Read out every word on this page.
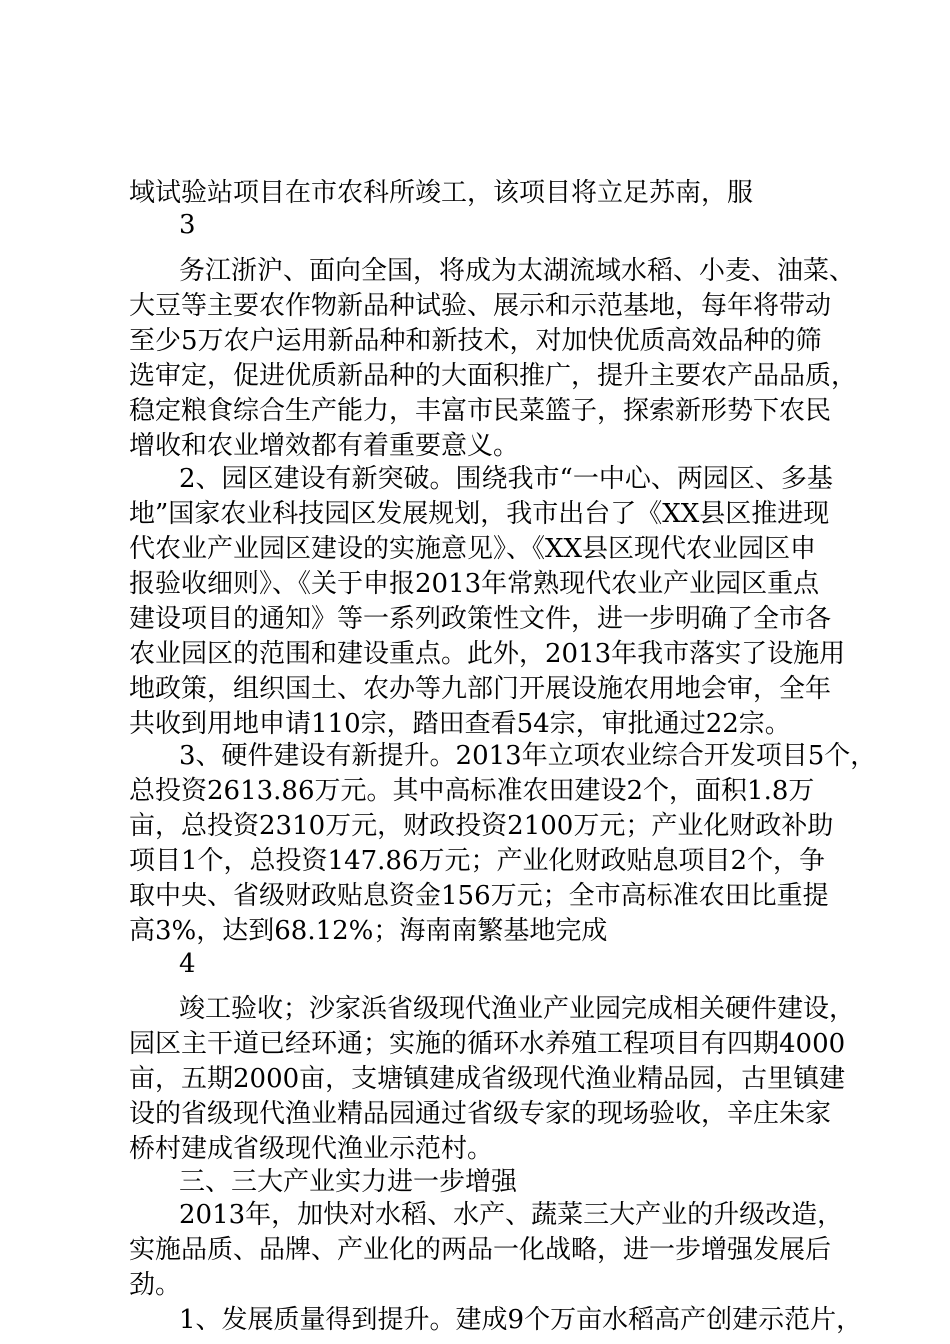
域试验站项目在市农科所竣工，该项目将立足苏南，服
3
务江浙沪、面向全国，将成为太湖流域水稻、小麦、油菜、
大豆等主要农作物新品种试验、展示和示范基地，每年将带动
至少5万农户运用新品种和新技术，对加快优质高效品种的筛
选审定，促进优质新品种的大面积推广，提升主要农产品品质，
稳定粮食综合生产能力，丰富市民菜篮子，探索新形势下农民
增收和农业增效都有着重要意义。
2、园区建设有新突破。围绕我市“一中心、两园区、多基
地”国家农业科技园区发展规划，我市出台了《XX县区推进现
代农业产业园区建设的实施意见》、《XX县区现代农业园区申
报验收细则》、《关于申报2013年常熟现代农业产业园区重点
建设项目的通知》等一系列政策性文件，进一步明确了全市各
农业园区的范围和建设重点。此外，2013年我市落实了设施用
地政策，组织国土、农办等九部门开展设施农用地会审，全年
共收到用地申请110宗，踏田查看54宗，审批通过22宗。
3、硬件建设有新提升。2013年立项农业综合开发项目5个，
总投资2613.86万元。其中高标准农田建设2个，面积1.8万
亩，总投资2310万元，财政投资2100万元；产业化财政补助
项目1个，总投资147.86万元；产业化财政贴息项目2个，争
取中央、省级财政贴息资金156万元；全市高标准农田比重提
高3%，达到68.12%；海南南繁基地完成
4
竣工验收；沙家浜省级现代渔业产业园完成相关硬件建设，
园区主干道已经环通；实施的循环水养殖工程项目有四期4000
亩，五期2000亩，支塘镇建成省级现代渔业精品园，古里镇建
设的省级现代渔业精品园通过省级专家的现场验收，辛庄朱家
桥村建成省级现代渔业示范村。
三、三大产业实力进一步增强
2013年，加快对水稻、水产、蔬菜三大产业的升级改造，
实施品质、品牌、产业化的两品一化战略，进一步增强发展后
劲。
1、发展质量得到提升。建成9个万亩水稻高产创建示范片，
